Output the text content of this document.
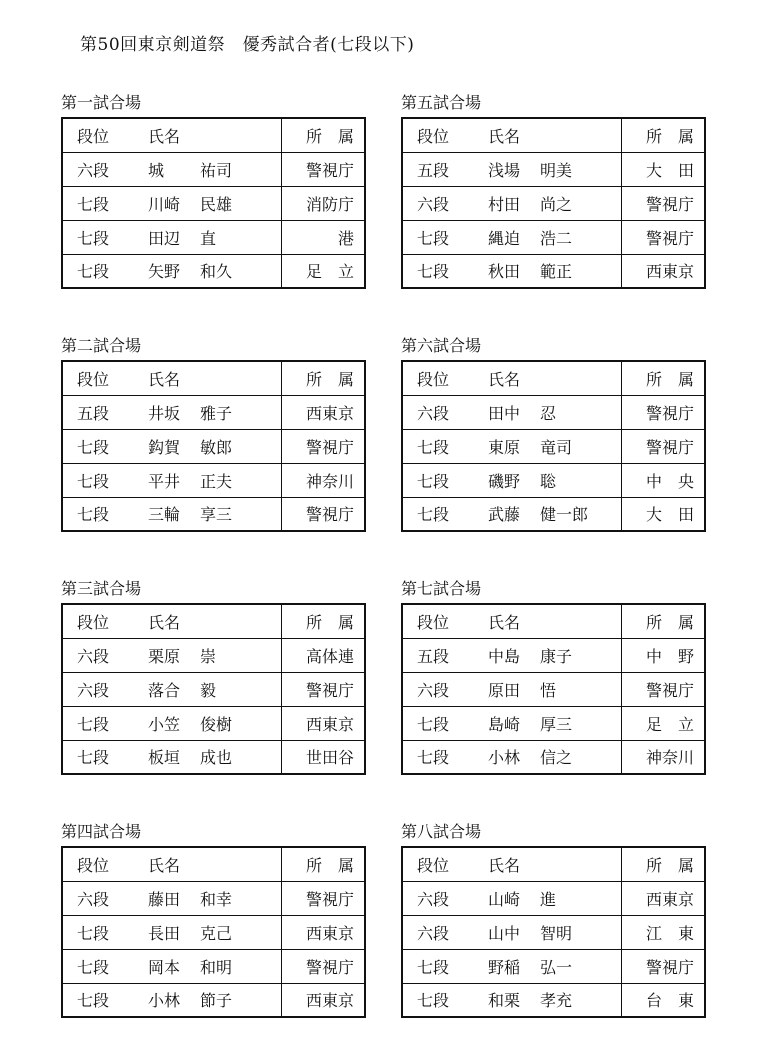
第50回東京剣道祭　優秀試合者(七段以下)
第一試合場
段位	氏名	所　属
六段	城 祐司	警視庁
七段	川崎 民雄	消防庁
七段	田辺 直	港
七段	矢野 和久	足　立
第五試合場
段位	氏名	所　属
五段	浅場 明美	大　田
六段	村田 尚之	警視庁
七段	縄迫 浩二	警視庁
七段	秋田 範正	西東京
第二試合場
段位	氏名	所　属
五段	井坂 雅子	西東京
七段	鈎賀 敏郎	警視庁
七段	平井 正夫	神奈川
七段	三輪 享三	警視庁
第六試合場
段位	氏名	所　属
六段	田中 忍	警視庁
七段	東原 竜司	警視庁
七段	磯野 聡	中　央
七段	武藤 健一郎	大　田
第三試合場
段位	氏名	所　属
六段	栗原 崇	高体連
六段	落合 毅	警視庁
七段	小笠 俊樹	西東京
七段	板垣 成也	世田谷
第七試合場
段位	氏名	所　属
五段	中島 康子	中　野
六段	原田 悟	警視庁
七段	島崎 厚三	足　立
七段	小林 信之	神奈川
第四試合場
段位	氏名	所　属
六段	藤田 和幸	警視庁
七段	長田 克己	西東京
七段	岡本 和明	警視庁
七段	小林 節子	西東京
第八試合場
段位	氏名	所　属
六段	山崎 進	西東京
六段	山中 智明	江　東
七段	野稲 弘一	警視庁
七段	和栗 孝充	台　東
